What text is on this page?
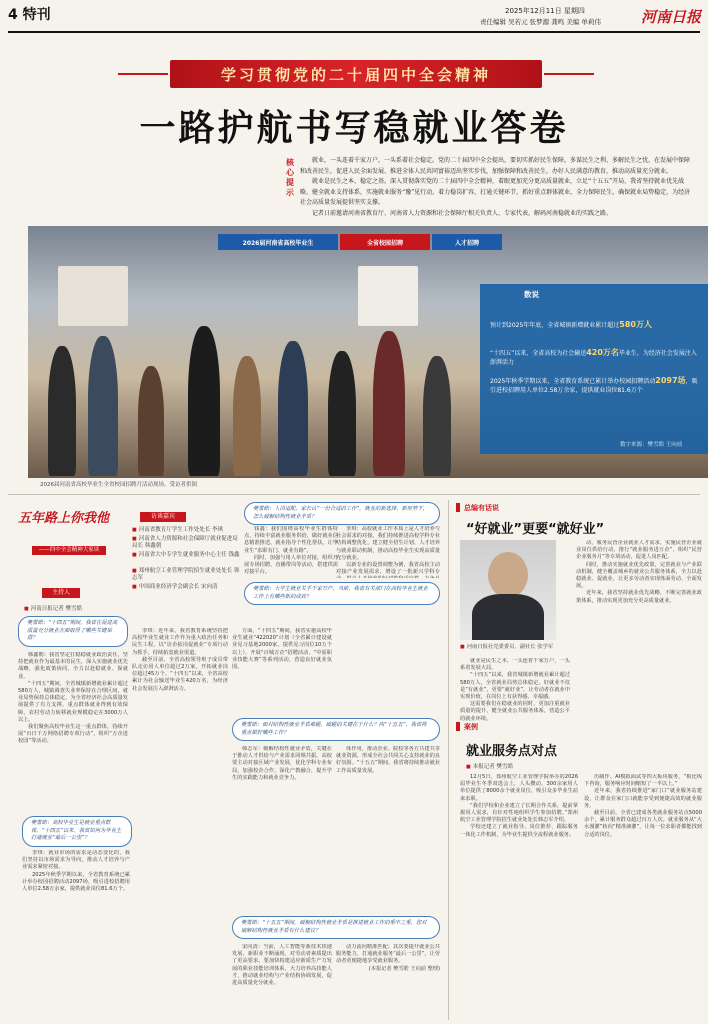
4 特刊	2025年12月11日 星期四
责任编辑 吴若元 张梦源 龚鸣 美编 单莉伟	河南日报
学习贯彻党的二十届四中全会精神
一路护航书写稳就业答卷
核心提示

就业，一头连着千家万户，一头系着社会稳定。党的二十届四中全会提出，要切实抓好民生保障，多谋民生之利、多解民生之忧，在发展中保障和改善民生，促进人民全面发展、推进全体人民共同富裕迈出坚实步伐，加强保障和改善民生，办好人民满意的教育，推动高质量充分就业。

就业是民生之本、稳定之基。深入贯彻落实党的二十届四中全会精神，着眼更加充分更高质量就业，立足“十五五”开局，我省坚持就业优先战略，健全就业支持体系，实施就业服务“豫”见行动，着力稳岗扩容，打通关键环节，抓好重点群体就业，全力保障民生，确保就业局势稳定，为经济社会高质量发展提供坚实支撑。

记者日前邀请河南省教育厅、河南省人力资源和社会保障厅相关负责人、专家代表，解码河南稳就业的实践之路。

2026届河南省高校毕业生	全省校园招聘	人才招聘
2026届河南省高校毕业生全省校园招聘月活动现场。受访者供图
预计到2025年年底，全省城镇新增就业累计超过580万人
“十四五”以来，全省高校为社会输送420万名毕业生，为经济社会发展注入澎湃活力
2025年秋季学期以来，全省教育系统已累计举办校园招聘活动2097场，吸引进校招聘用人单位2.58万余家，提供就业岗位81.6万个
数说
数字来源：樊雪皓 王向前
五年路上你我他
——四中全会精神大家谈
访谈嘉宾
■ 河南省教育厅学生工作处处长 李琪
■ 河南省人力资源和社会保障厅就业促进局局长 韩鑫朝
■ 河南省大中专学生就业服务中心主任 钱鑫
■ 郑州航空工业管理学院招生就业处处长 韩志军
■ 中国商业经济学会副会长 宋向清
主持人
■ 河南日报记者 樊雪皓
樊雪皓：“十四五”期间，我省在促进高质量充分就业方面取得了哪些关键举措？
樊雪皓：人岗适配、家长认“一份合适的工作”，就业的新选择、新形势下，怎么破解结构性就业矛盾？
樊雪皓：大学生就业关乎千家万户，当前，我省有关部门在高校毕业生就业工作上有哪些新的成效？
樊雪皓：面对结构性就业矛盾难题，破题的关键在于什么？向“十五五”，我省将重点做好哪些工作？
樊雪皓：高校毕业生是就业重点群体，“十四五”以来，我省如何为毕业生打通就业“最后一公里”？
樊雪皓：“十五五”期间，破解结构性就业矛盾是推进就业工作的重中之重，您对破解结构性就业矛盾有什么建议？

韩鑫朝：我省坚定扛稳稳就业政治责任，坚持把就业作为最基本的民生，深入实施就业优先战略，强化政策协同，全力以赴稳就业、保就业。

“十四五”期间，全省城镇新增就业累计超过580万人，城镇调查失业率保持在合理区间，就业局势保持总体稳定，为全省经济社会高质量发展提供了有力支撑。重点群体就业得到有效保障，农村劳动力转移就业规模稳定在3000万人以上。

我们聚焦高校毕业生这一重点群体，持续开展“百日千万网络招聘专项行动”，组织“万企进校园”等活动。

李琪：近年来，我省教育系统坚持把高校毕业生就业工作作为重大政治任务和民生工程，以“访企拓岗促就业”专项行动为抓手，持续拓宽就业渠道。

截至目前，全省高校领导班子成员带队走访用人单位超过2万家，开拓就业岗位超过45万个。“十四五”以来，全省高校累计为社会输送毕业生420万名，为经济社会发展注入澎湃活力。

方面，“十四五”期间，我省实施高校毕业生就业“422020”计划（全省累计建设就业见习基地2000家，提供见习岗位10万个以上），开展“百城万企”招聘活动、“中原职业技能大赛”等系列活动，营造良好就业氛围。

李琪：就业市场的需求是动态变化的，我们坚持以市场需求为导向，推动人才培养与产业需求紧密对接。

2025年秋季学期以来，全省教育系统已累计举办校园招聘活动2097场，吸引进校招聘用人单位2.58万余家，提供就业岗位81.6万个。

钱鑫：我们围绕高校毕业生群体特点，持续丰富就业服务供给，做好就业信息精准推送、就业指导个性化帮扶，让毕业生“求职有门、就业有路”。

同时，加强与用人单位对接，组织开展专场招聘、直播带岗等活动，搭建供需对接平台。

李琪：高校就业工作本质上是人才培养与社会需求的对接。我们持续推进高校学科专业结构调整优化，建立健全招生计划、人才培养与就业联动机制，推动高校毕业生实现高质量充分就业。

以新专业的设置调整为例，我省高校主动对接产业发展需求，增设了一批新兴学科专

韩志军：破解结构性就业矛盾，关键在于推动人才供给与产业需求同频共振。高校要主动对接区域产业发展，优化学科专业布局，加强校企合作，深化产教融合，提升学生的实践能力和就业竞争力。

体作用，推动企业、院校等各方共建共享就业资源，形成全社会共同关心支持就业的良好氛围。“十五五”期间，我省将持续推动就业工作高质量发展。

宋向清：当前，人工智能等新技术快速发展，新职业不断涌现，对劳动者素质提出了更高要求。要加快构建适应新质生产力发展的职业技能培训体系，大力培养高技能人才，推动就业结构与产业结构协调发展，促进高质量充分就业。

动力流向精准匹配；其次要提升就业公共服务能力，打通就业服务“最后一公里”，让劳动者更便捷地享受就业服务。

(本报记者 樊雪皓 王向前 整理)

总编有话说
“好就业”更要“就好业”
■ 河南日报社党委委员、副社长 张学军

就业是民生之本，一头连着千家万户，一头系着发展大局。

“十四五”以来，我省城镇新增就业累计超过580万人，全省就业局势总体稳定。好就业不仅是“有就业”，更要“就好业”，让劳动者在就业中实现价值，在岗位上有获得感、幸福感。

这需要我们在稳就业的同时，更加注重就业质量的提升，健全就业公共服务体系，营造公平的就业环境。

动，服务民营企业就业人才需求，实施民营企业就业岗位供给行动，推行“就业服务进万企”，组织“民营企业服务月”等专项活动，促进人岗匹配。

同时，推动实施就业优先政策，完善就业与产业联动机制，健全覆盖城乡的就业公共服务体系，全力以赴稳就业、促就业，让更多劳动者实现体面劳动、全面发展。

近年来，我省坚持就业优先战略，不断完善就业政策体系，推动实现更加充分更高质量就业。

案例
就业服务点对点
■ 本报记者 樊雪皓

12月5日，郑州航空工业管理学院举办的2026届毕业生冬季双选会上，人头攒动，300余家用人单位提供了8000余个就业岗位，吸引众多毕业生前来求职。

“我们学校和企业建立了长期合作关系，提前掌握用人需求，有针对性地组织学生参加招聘。”郑州航空工业管理学院招生就业处处长韩志军介绍。

学校还建立了就业指导、岗位推荐、跟踪服务一体化工作机制，为毕业生提供全流程就业服务。

历制作、AI模拟面试等四大板块服务，“相比线下咨询，服务响应时间缩短了一半以上。”

近年来，我省持续推进“家门口”就业服务站建设，让群众在家门口就能享受到便捷高效的就业服务。

截至目前，全省已建成各类就业服务站点5000余个，累计服务群众超过百万人次。就业服务从“大水漫灌”转向“精准滴灌”，让每一位求职者都能找到合适的岗位。
